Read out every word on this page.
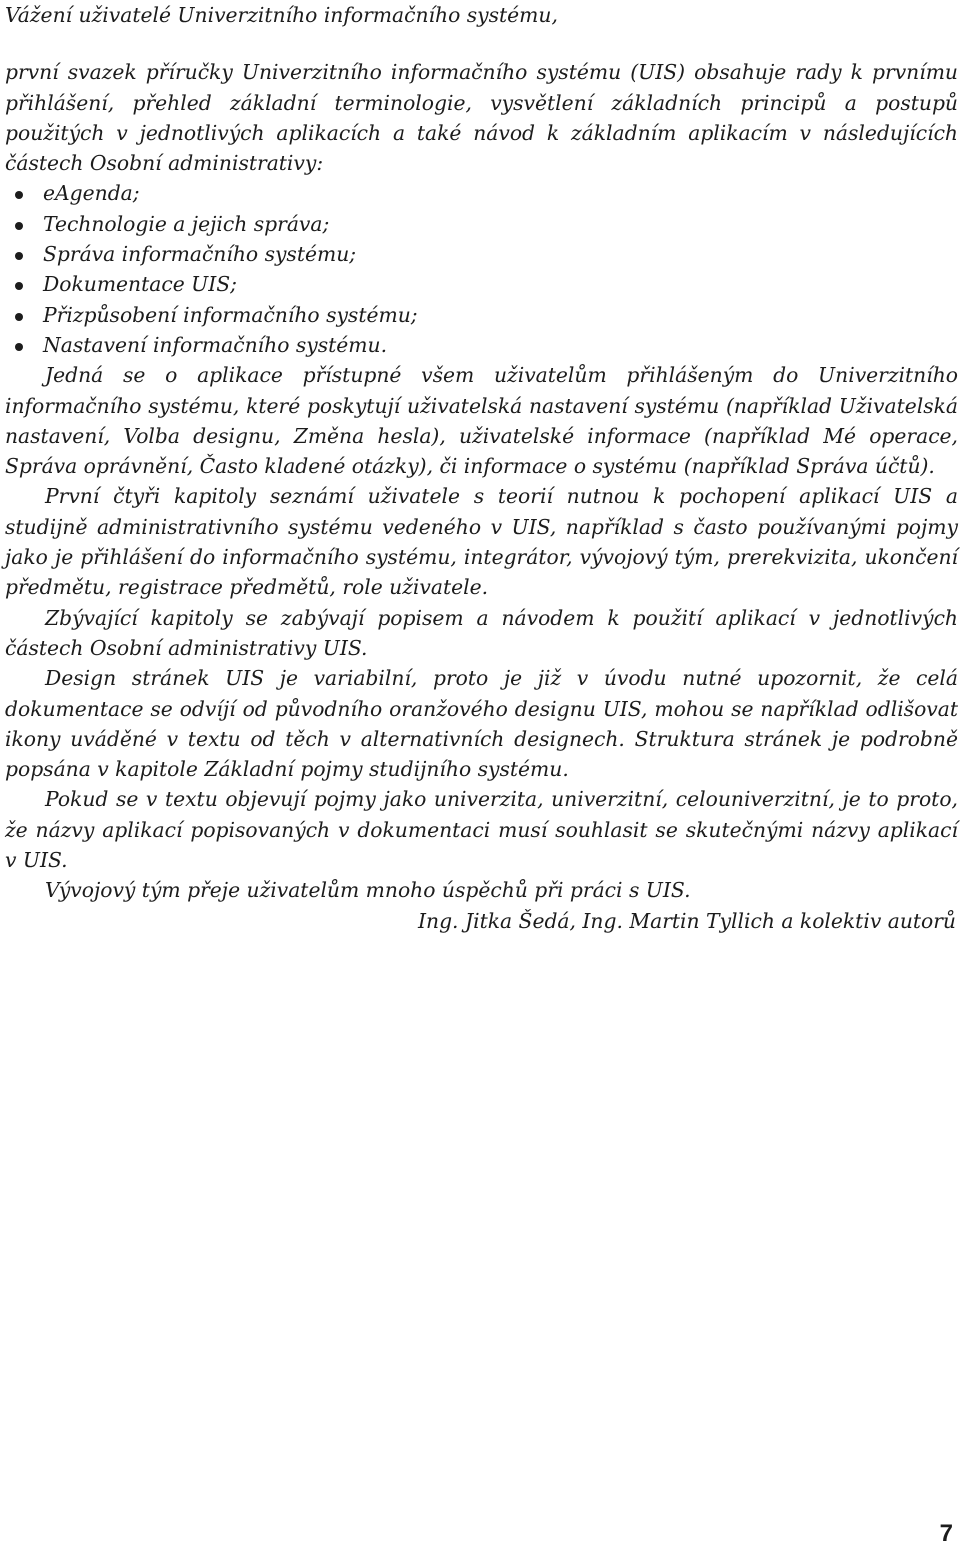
Vážení uživatelé Univerzitního informačního systému,

první svazek příručky Univerzitního informačního systému (UIS) obsahuje rady k prvnímu přihlášení, přehled základní terminologie, vysvětlení základních principů a postupů použitých v jednotlivých aplikacích a také návod k základním aplikacím v následujících částech Osobní administrativy:

eAgenda;
Technologie a jejich správa;
Správa informačního systému;
Dokumentace UIS;
Přizpůsobení informačního systému;
Nastavení informačního systému.

Jedná se o aplikace přístupné všem uživatelům přihlášeným do Univerzitního informačního systému, které poskytují uživatelská nastavení systému (například Uživatelská nastavení, Volba designu, Změna hesla), uživatelské informace (například Mé operace, Správa oprávnění, Často kladené otázky), či informace o systému (například Správa účtů).

První čtyři kapitoly seznámí uživatele s teorií nutnou k pochopení aplikací UIS a studijně administrativního systému vedeného v UIS, například s často používanými pojmy jako je přihlášení do informačního systému, integrátor, vývojový tým, prerekvizita, ukončení předmětu, registrace předmětů, role uživatele.

Zbývající kapitoly se zabývají popisem a návodem k použití aplikací v jednotlivých částech Osobní administrativy UIS.

Design stránek UIS je variabilní, proto je již v úvodu nutné upozornit, že celá dokumentace se odvíjí od původního oranžového designu UIS, mohou se například odlišovat ikony uváděné v textu od těch v alternativních designech. Struktura stránek je podrobně popsána v kapitole Základní pojmy studijního systému.

Pokud se v textu objevují pojmy jako univerzita, univerzitní, celouniverzitní, je to proto, že názvy aplikací popisovaných v dokumentaci musí souhlasit se skutečnými názvy aplikací v UIS.

Vývojový tým přeje uživatelům mnoho úspěchů při práci s UIS.

Ing. Jitka Šedá, Ing. Martin Tyllich a kolektiv autorů

7
